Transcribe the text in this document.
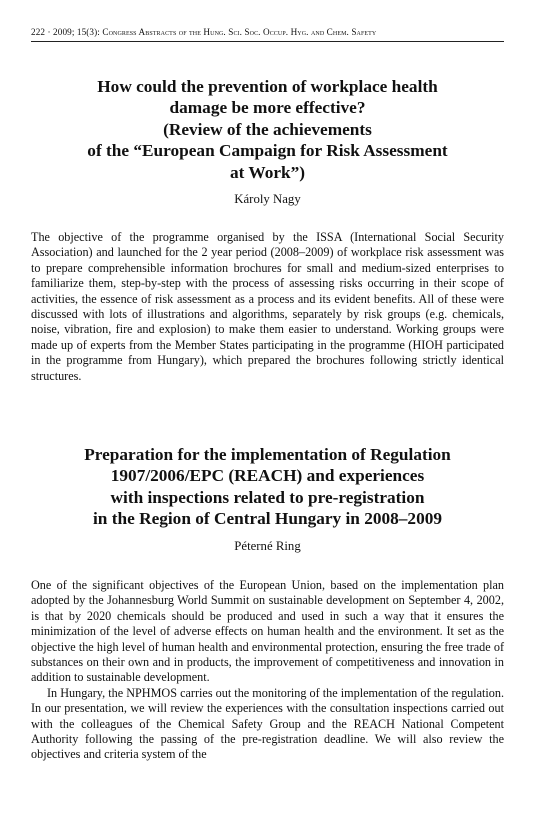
222 · 2009; 15(3): Congress Abstracts of the Hung. Sci. Soc. Occup. Hyg. and Chem. Safety
How could the prevention of workplace health
damage be more effective?
(Review of the achievements
of the “European Campaign for Risk Assessment
at Work”)
Károly Nagy

The objective of the programme organised by the ISSA (International Social Security Association) and launched for the 2 year period (2008–2009) of workplace risk assessment was to prepare comprehensible information brochures for small and medium-sized enterprises to familiarize them, step-by-step with the process of assessing risks occurring in their scope of activities, the essence of risk assessment as a process and its evident benefits. All of these were discussed with lots of illustrations and algorithms, separately by risk groups (e.g. chemicals, noise, vibration, fire and explosion) to make them easier to understand. Working groups were made up of experts from the Member States participating in the programme (HIOH participated in the programme from Hungary), which prepared the brochures following strictly identical structures.

Preparation for the implementation of Regulation
1907/2006/EPC (REACH) and experiences
with inspections related to pre-registration
in the Region of Central Hungary in 2008–2009
Péterné Ring

One of the significant objectives of the European Union, based on the implementation plan adopted by the Johannesburg World Summit on sustainable development on September 4, 2002, is that by 2020 chemicals should be produced and used in such a way that it ensures the minimization of the level of adverse effects on human health and the environment. It set as the objective the high level of human health and environmental protection, ensuring the free trade of substances on their own and in products, the improvement of competitiveness and innovation in addition to sustainable development.

In Hungary, the NPHMOS carries out the monitoring of the implementation of the regulation. In our presentation, we will review the experiences with the consultation inspections carried out with the colleagues of the Chemical Safety Group and the REACH National Competent Authority following the passing of the pre-registration deadline. We will also review the objectives and criteria system of the
